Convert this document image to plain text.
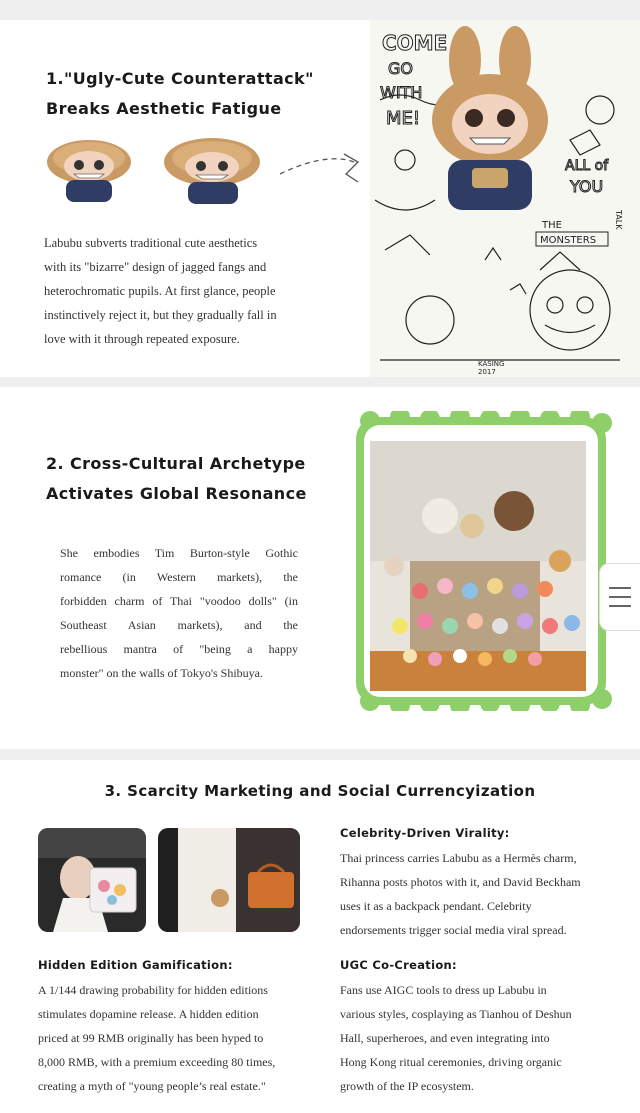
1."Ugly-Cute Counterattack"
Breaks Aesthetic Fatigue

Labubu subverts traditional cute aesthetics

with its "bizarre" design of jagged fangs and

heterochromatic pupils. At first glance, people

instinctively reject it, but they gradually fall in

love with it through repeated exposure.

COME
GO
WITH
ME!
ALL of
YOU
THE
MONSTERS
KASING
2017
TALK
2. Cross-Cultural Archetype
Activates Global Resonance

She embodies Tim Burton-style Gothic

romance (in Western markets), the

forbidden charm of Thai "voodoo dolls" (in

Southeast Asian markets), and the

rebellious mantra of "being a happy

monster" on the walls of Tokyo's Shibuya.

3. Scarcity Marketing and Social Currencyization
Celebrity-Driven Virality:

Thai princess carries Labubu as a Hermès charm,

Rihanna posts photos with it, and David Beckham

uses it as a backpack pendant. Celebrity

endorsements trigger social media viral spread.

Hidden Edition Gamification:

A 1/144 drawing probability for hidden editions

stimulates dopamine release. A hidden edition

priced at 99 RMB originally has been hyped to

8,000 RMB, with a premium exceeding 80 times,

creating a myth of "young people’s real estate."

UGC Co-Creation:

Fans use AIGC tools to dress up Labubu in

various styles, cosplaying as Tianhou of Deshun

Hall, superheroes, and even integrating into

Hong Kong ritual ceremonies, driving organic

growth of the IP ecosystem.
